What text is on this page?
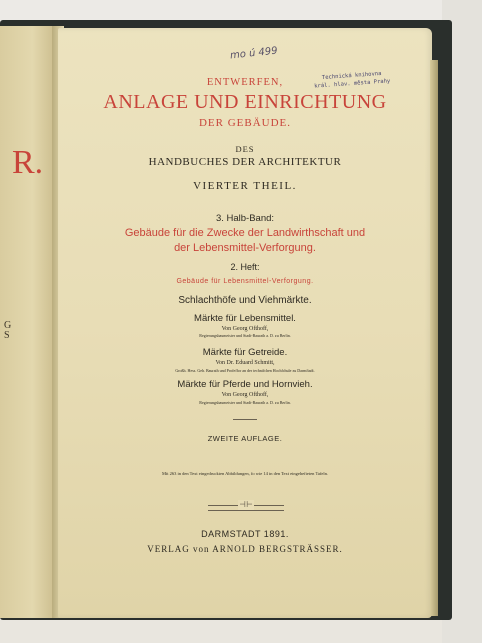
R.
G
S
mo ú 499
Technická knihovna
král. hlav. města Prahy
ENTWERFEN,
ANLAGE UND EINRICHTUNG
DER GEBÄUDE.
DES
HANDBUCHES DER ARCHITEKTUR
VIERTER THEIL.
3. Halb-Band:
Gebäude für die Zwecke der Landwirthschaft und
der Lebensmittel-Verforgung.
2. Heft:
Gebäude für Lebensmittel-Verforgung.
Schlachthöfe und Viehmärkte.
Märkte für Lebensmittel.
Von Georg Ofthoff,
Regierungsbaumeister und Stadt-Baurath a. D. zu Berlin.
Märkte für Getreide.
Von Dr. Eduard Schmitt,
Großh. Hess. Geh. Baurath und Profeffor an der technifchen Hochfchule zu Darmftadt.
Märkte für Pferde und Hornvieh.
Von Georg Ofthoff,
Regierungsbaumeister und Stadt-Baurath a. D. zu Berlin.
ZWEITE AUFLAGE.
Mit 263 in den Text eingedruckten Abbildungen, fo wie 14 in den Text eingehefteten Tafeln.
⊣⊢
DARMSTADT 1891.
VERLAG von ARNOLD BERGSTRÄSSER.
